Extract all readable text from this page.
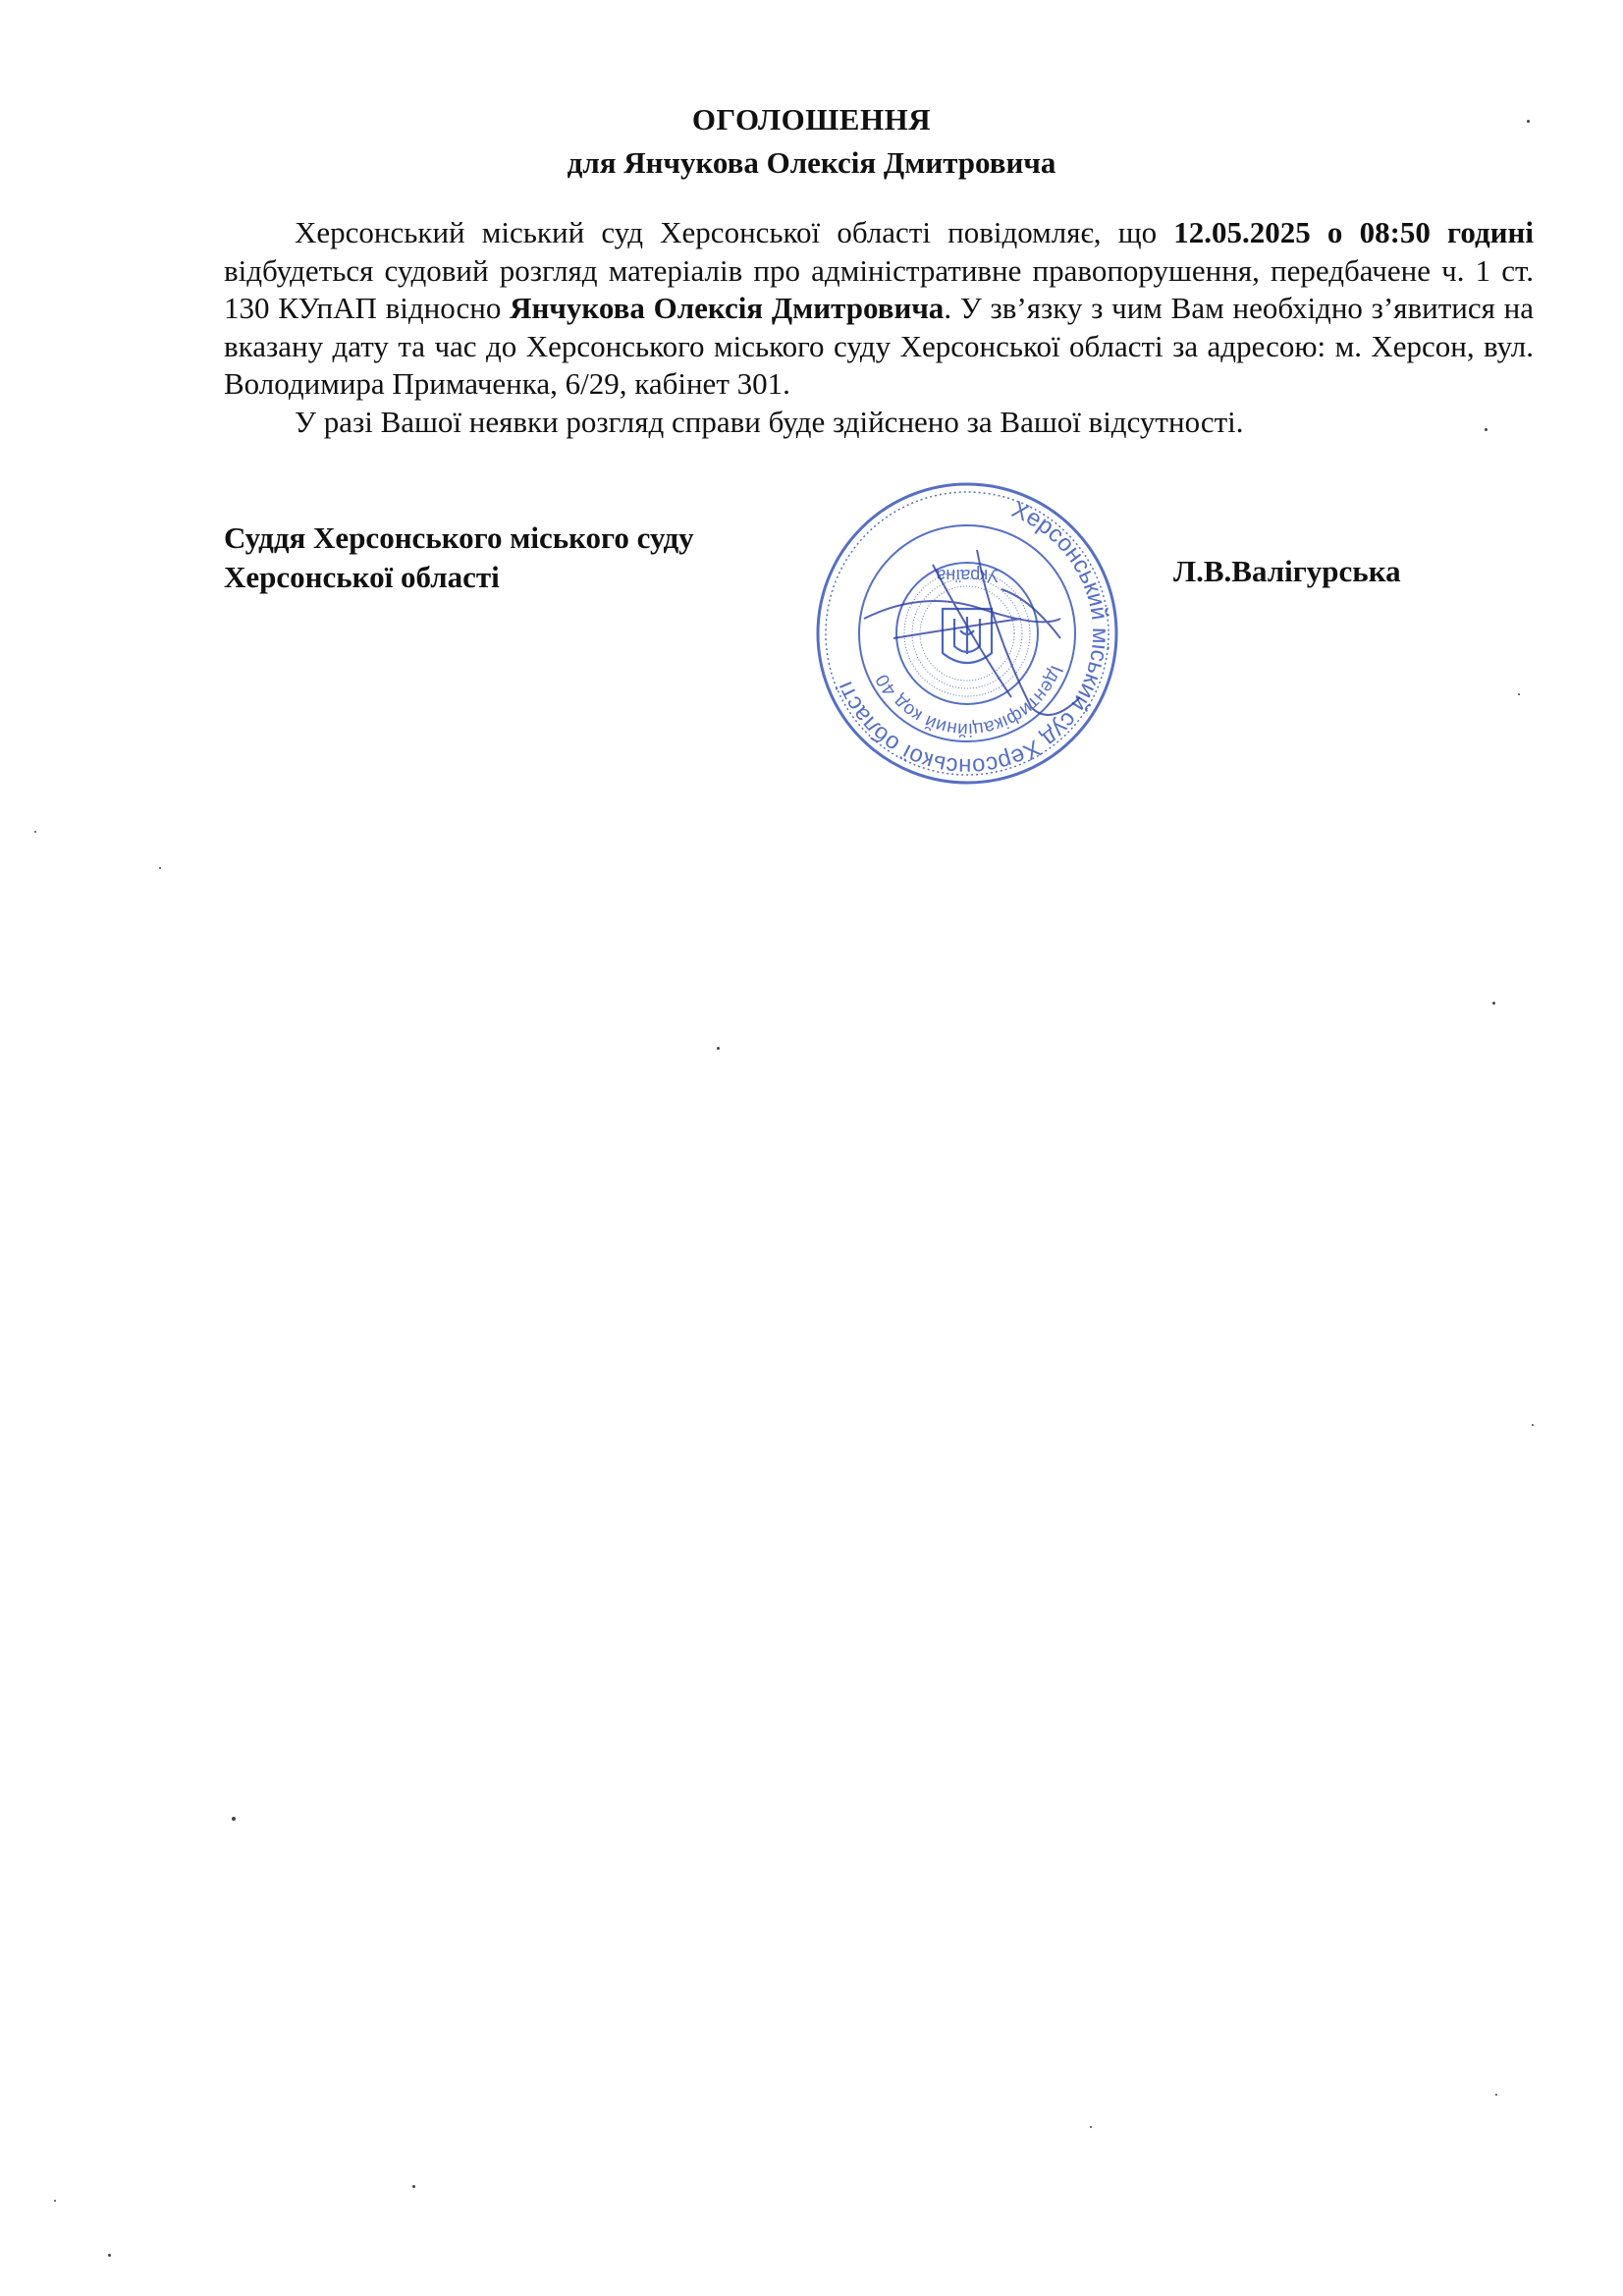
ОГОЛОШЕННЯ
для Янчукова Олексія Дмитровича

Херсонський міський суд Херсонської області повідомляє, що 12.05.2025 о 08:50 годині відбудеться судовий розгляд матеріалів про адміністративне правопорушення, передбачене ч. 1 ст. 130 КУпАП відносно Янчукова Олексія Дмитровича. У зв’язку з чим Вам необхідно з’явитися на вказану дату та час до Херсонського міського суду Херсонської області за адресою: м. Херсон, вул. Володимира Примаченка, 6/29, кабінет 301.

У разі Вашої неявки розгляд справи буде здійснено за Вашої відсутності.

Суддя Херсонського міського суду
Херсонської області	Л.В.Валігурська
Херсонський міський суд Херсонської області
Ідентифікаційний код 40
Україна
